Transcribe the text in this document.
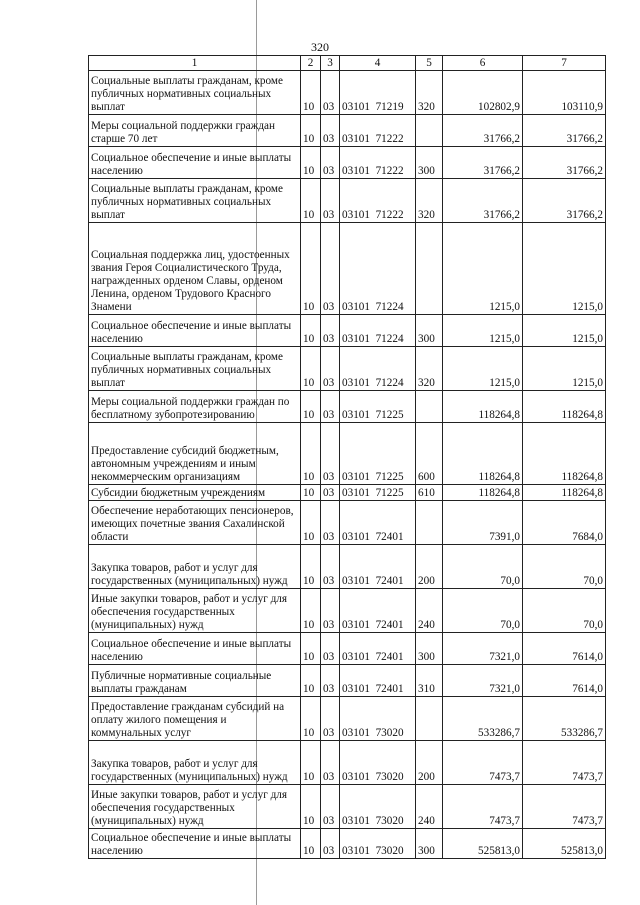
320
1	2	3	4	5	6	7
Социальные выплаты гражданам, кроме публичных нормативных социальных выплат	10	03	03101  71219	320	102802,9	103110,9
Меры социальной поддержки граждан старше 70 лет	10	03	03101  71222		31766,2	31766,2
Социальное обеспечение и иные выплаты населению	10	03	03101  71222	300	31766,2	31766,2
Социальные выплаты гражданам, кроме публичных нормативных социальных выплат	10	03	03101  71222	320	31766,2	31766,2
Социальная поддержка лиц, удостоенных звания Героя Социалистического Труда, награжденных орденом Славы, орденом Ленина, орденом Трудового Красного Знамени	10	03	03101  71224		1215,0	1215,0
Социальное обеспечение и иные выплаты населению	10	03	03101  71224	300	1215,0	1215,0
Социальные выплаты гражданам, кроме публичных нормативных социальных выплат	10	03	03101  71224	320	1215,0	1215,0
Меры социальной поддержки граждан по бесплатному зубопротезированию	10	03	03101  71225		118264,8	118264,8
Предоставление субсидий бюджетным, автономным учреждениям и иным некоммерческим организациям	10	03	03101  71225	600	118264,8	118264,8
Субсидии бюджетным учреждениям	10	03	03101  71225	610	118264,8	118264,8
Обеспечение неработающих пенсионеров, имеющих почетные звания Сахалинской области	10	03	03101  72401		7391,0	7684,0
Закупка товаров, работ и услуг для государственных (муниципальных) нужд	10	03	03101  72401	200	70,0	70,0
Иные закупки товаров, работ и услуг для обеспечения государственных (муниципальных) нужд	10	03	03101  72401	240	70,0	70,0
Социальное обеспечение и иные выплаты населению	10	03	03101  72401	300	7321,0	7614,0
Публичные нормативные социальные выплаты гражданам	10	03	03101  72401	310	7321,0	7614,0
Предоставление гражданам субсидий на оплату жилого помещения и коммунальных услуг	10	03	03101  73020		533286,7	533286,7
Закупка товаров, работ и услуг для государственных (муниципальных) нужд	10	03	03101  73020	200	7473,7	7473,7
Иные закупки товаров, работ и услуг для обеспечения государственных (муниципальных) нужд	10	03	03101  73020	240	7473,7	7473,7
Социальное обеспечение и иные выплаты населению	10	03	03101  73020	300	525813,0	525813,0
